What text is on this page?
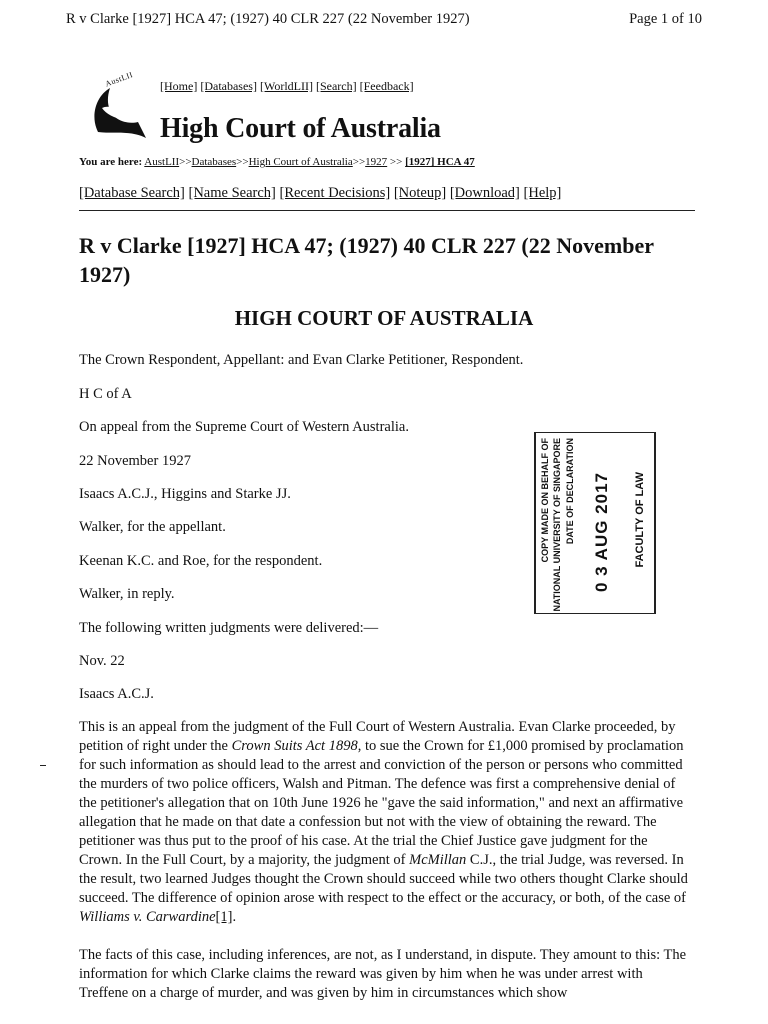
R v Clarke [1927] HCA 47; (1927) 40 CLR 227 (22 November 1927)	Page 1 of 10
AustLII [Home] [Databases] [WorldLII] [Search] [Feedback]
High Court of Australia
You are here: AustLII>>Databases>>High Court of Australia>>1927 >> [1927] HCA 47
[Database Search] [Name Search] [Recent Decisions] [Noteup] [Download] [Help]
R v Clarke [1927] HCA 47; (1927) 40 CLR 227 (22 November 1927)
HIGH COURT OF AUSTRALIA
The Crown Respondent, Appellant: and Evan Clarke Petitioner, Respondent.
H C of A
On appeal from the Supreme Court of Western Australia.
22 November 1927
Isaacs A.C.J., Higgins and Starke JJ.
Walker, for the appellant.
Keenan K.C. and Roe, for the respondent.
Walker, in reply.
The following written judgments were delivered:—
Nov. 22
Isaacs A.C.J.
This is an appeal from the judgment of the Full Court of Western Australia. Evan Clarke proceeded, by petition of right under the Crown Suits Act 1898, to sue the Crown for £1,000 promised by proclamation for such information as should lead to the arrest and conviction of the person or persons who committed the murders of two police officers, Walsh and Pitman. The defence was first a comprehensive denial of the petitioner's allegation that on 10th June 1926 he "gave the said information," and next an affirmative allegation that he made on that date a confession but not with the view of obtaining the reward. The petitioner was thus put to the proof of his case. At the trial the Chief Justice gave judgment for the Crown. In the Full Court, by a majority, the judgment of McMillan C.J., the trial Judge, was reversed. In the result, two learned Judges thought the Crown should succeed while two others thought Clarke should succeed. The difference of opinion arose with respect to the effect or the accuracy, or both, of the case of Williams v. Carwardine[1].
The facts of this case, including inferences, are not, as I understand, in dispute. They amount to this: The information for which Clarke claims the reward was given by him when he was under arrest with Treffene on a charge of murder, and was given by him in circumstances which show
COPY MADE ON BEHALF OF NATIONAL UNIVERSITY OF SINGAPORE DATE OF DECLARATION 0 3 AUG 2017 FACULTY OF LAW
